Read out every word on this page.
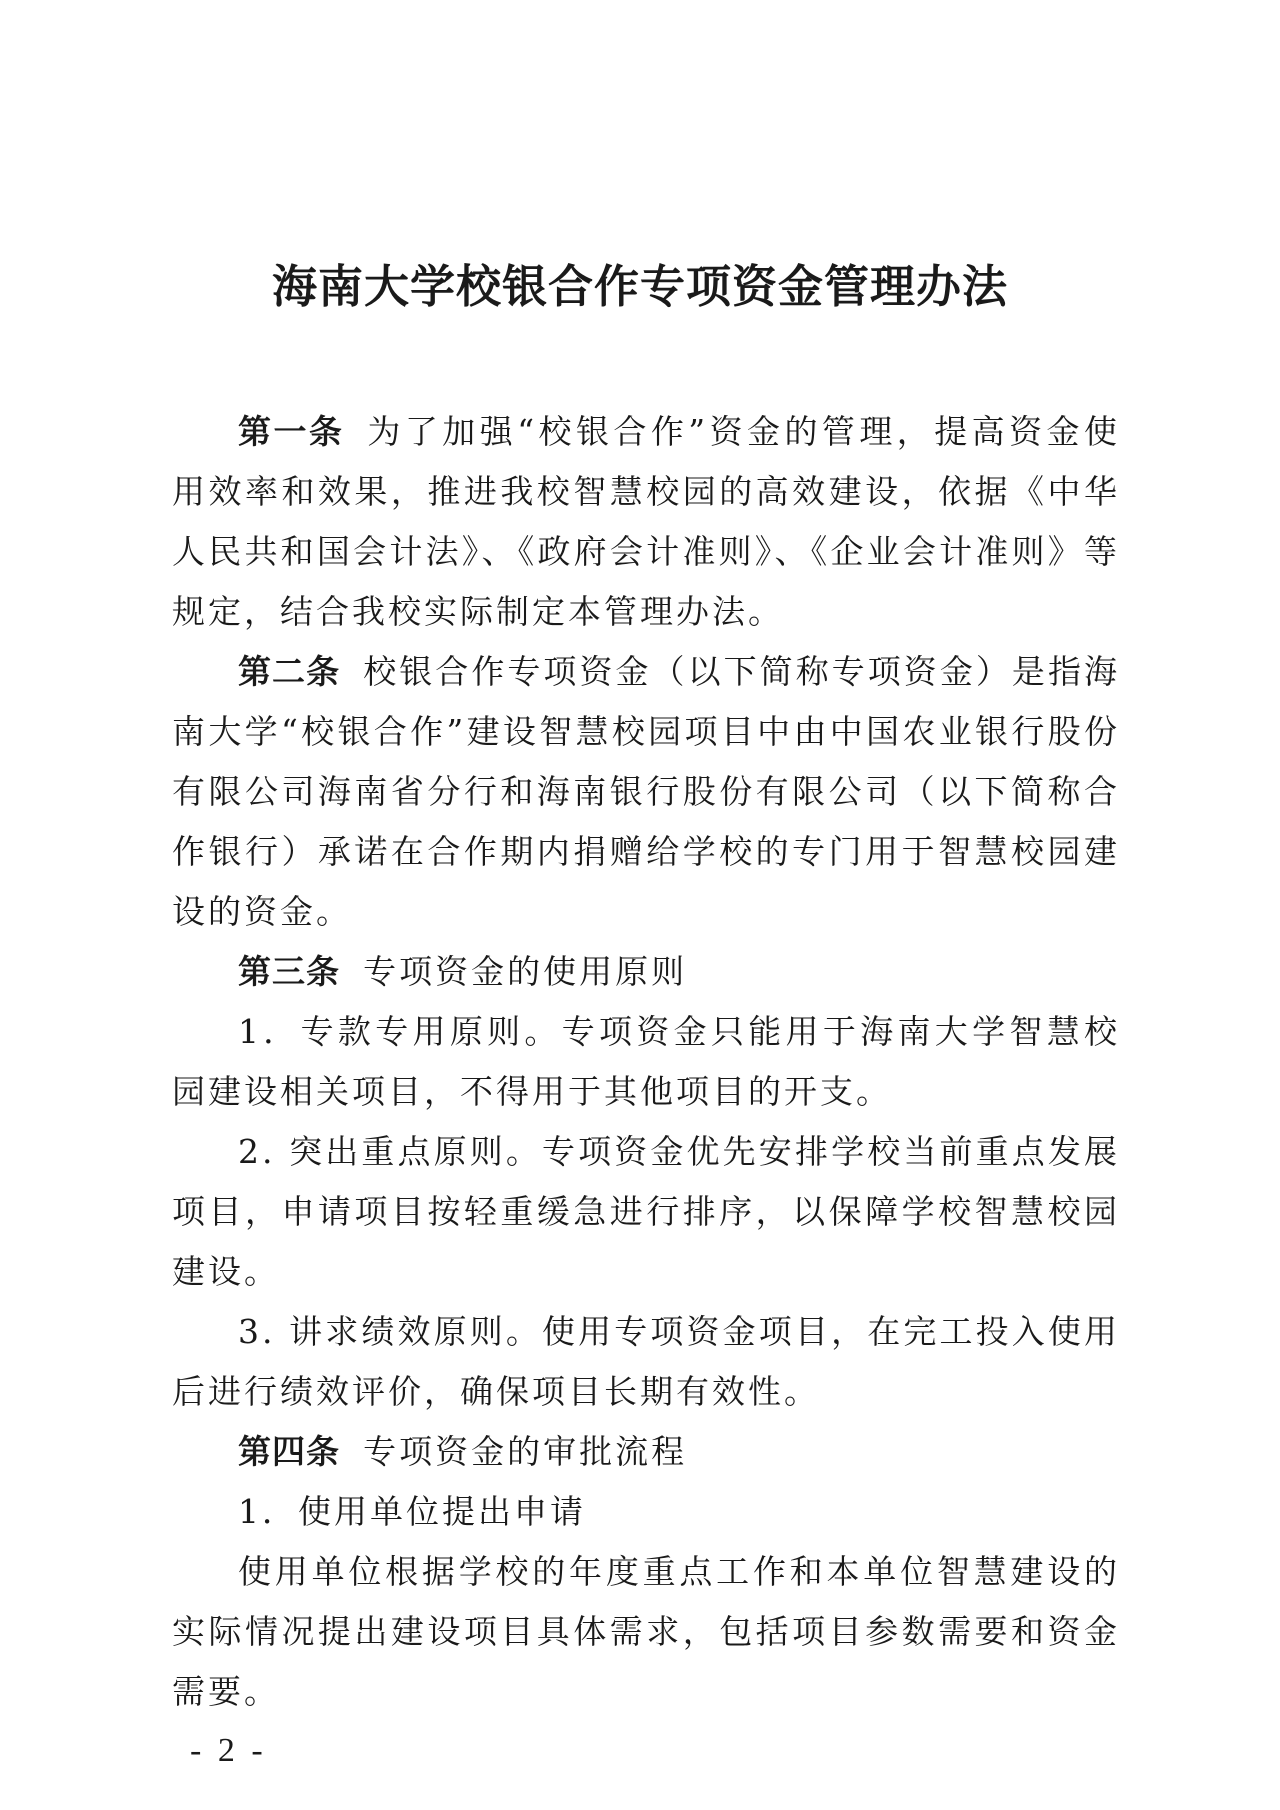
海南大学校银合作专项资金管理办法

第一条 为了加强“校银合作”资金的管理，提高资金使用效率和效果，推进我校智慧校园的高效建设，依据《中华人民共和国会计法》、《政府会计准则》、《企业会计准则》等规定，结合我校实际制定本管理办法。

第二条 校银合作专项资金（以下简称专项资金）是指海南大学“校银合作”建设智慧校园项目中由中国农业银行股份有限公司海南省分行和海南银行股份有限公司（以下简称合作银行）承诺在合作期内捐赠给学校的专门用于智慧校园建设的资金。

第三条 专项资金的使用原则

1．专款专用原则。专项资金只能用于海南大学智慧校园建设相关项目，不得用于其他项目的开支。

2. 突出重点原则。专项资金优先安排学校当前重点发展项目，申请项目按轻重缓急进行排序，以保障学校智慧校园建设。

3. 讲求绩效原则。使用专项资金项目，在完工投入使用后进行绩效评价，确保项目长期有效性。

第四条 专项资金的审批流程

1．使用单位提出申请

使用单位根据学校的年度重点工作和本单位智慧建设的实际情况提出建设项目具体需求，包括项目参数需要和资金需要。

- 2 -
